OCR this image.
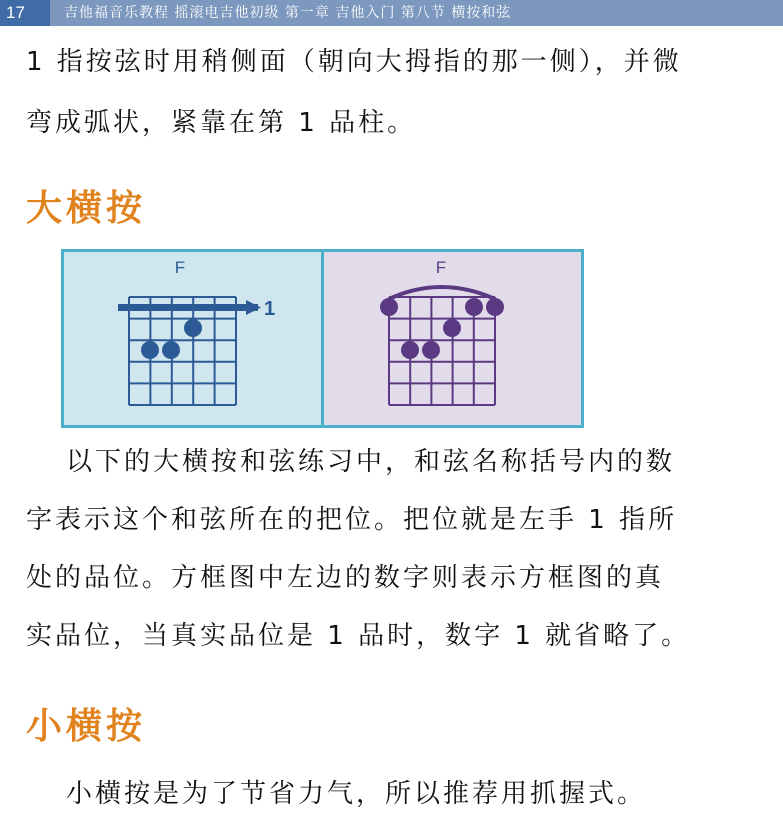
17	吉他福音乐教程 摇滚电吉他初级 第一章 吉他入门 第八节 横按和弦
1 指按弦时用稍侧面（朝向大拇指的那一侧），并微
弯成弧状，紧靠在第 1 品柱。
大横按
F
1
F
以下的大横按和弦练习中，和弦名称括号内的数
字表示这个和弦所在的把位。把位就是左手 1 指所
处的品位。方框图中左边的数字则表示方框图的真
实品位，当真实品位是 1 品时，数字 1 就省略了。
小横按
小横按是为了节省力气，所以推荐用抓握式。
